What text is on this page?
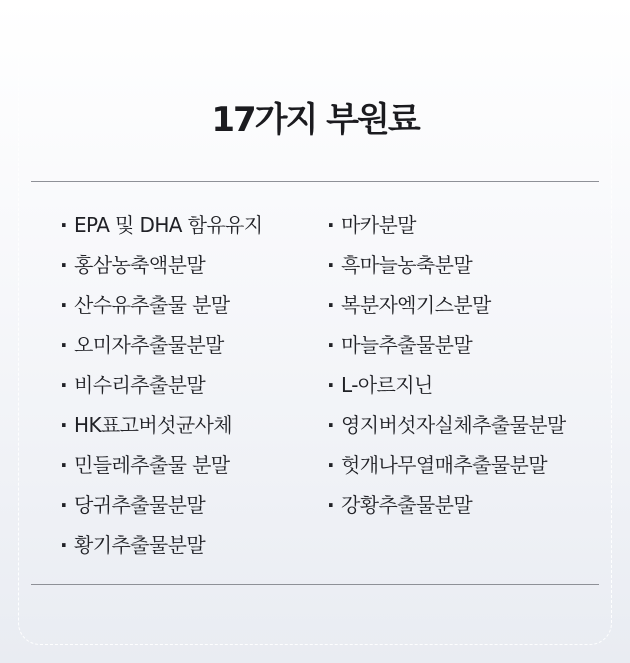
17가지 부원료
· EPA 및 DHA 함유유지
· 홍삼농축액분말
· 산수유추출물 분말
· 오미자추출물분말
· 비수리추출분말
· HK표고버섯균사체
· 민들레추출물 분말
· 당귀추출물분말
· 황기추출물분말
· 마카분말
· 흑마늘농축분말
· 복분자엑기스분말
· 마늘추출물분말
· L-아르지닌
· 영지버섯자실체추출물분말
· 헛개나무열매추출물분말
· 강황추출물분말
